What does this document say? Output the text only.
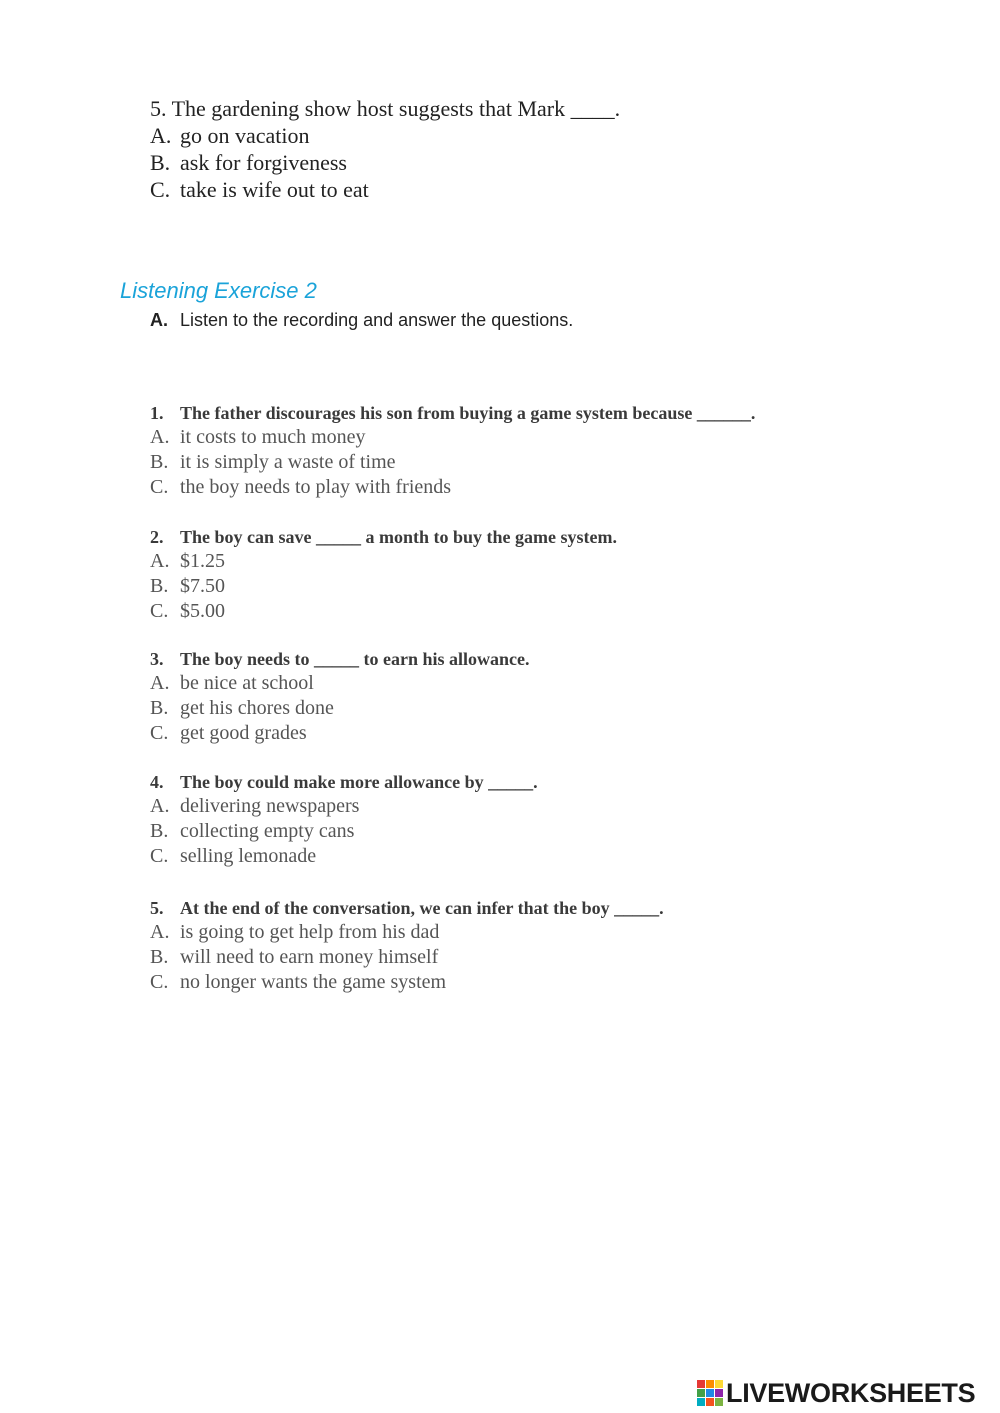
5. The gardening show host suggests that Mark ____.
A. go on vacation
B. ask for forgiveness
C. take is wife out to eat
Listening Exercise 2
A. Listen to the recording and answer the questions.
1. The father discourages his son from buying a game system because ______.
A. it costs to much money
B. it is simply a waste of time
C. the boy needs to play with friends
2. The boy can save _____ a month to buy the game system.
A. $1.25
B. $7.50
C. $5.00
3. The boy needs to _____ to earn his allowance.
A. be nice at school
B. get his chores done
C. get good grades
4. The boy could make more allowance by _____.
A. delivering newspapers
B. collecting empty cans
C. selling lemonade
5. At the end of the conversation, we can infer that the boy _____.
A. is going to get help from his dad
B. will need to earn money himself
C. no longer wants the game system
LIVEWORKSHEETS
